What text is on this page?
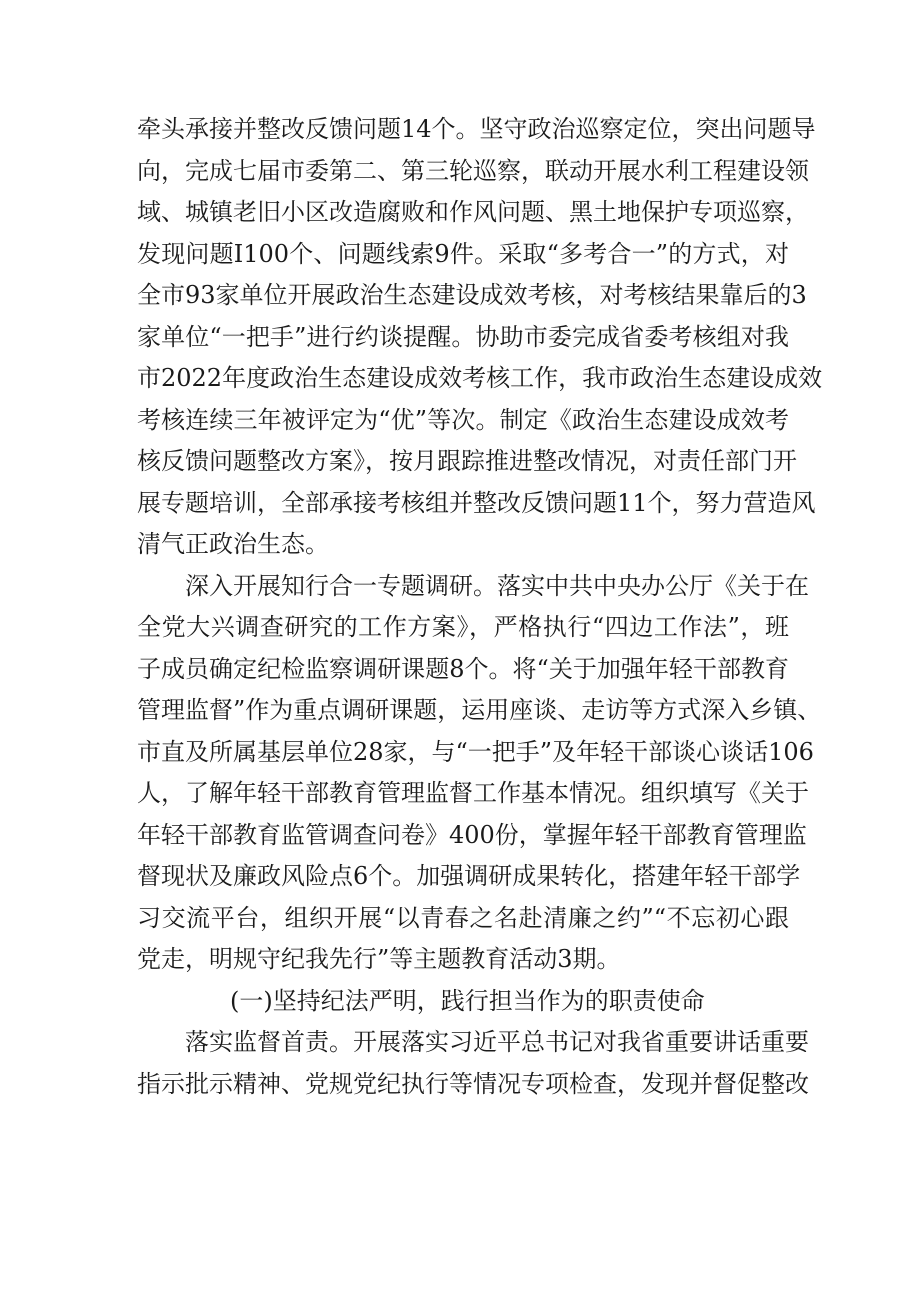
牵头承接并整改反馈问题14个。坚守政治巡察定位，突出问题导
向，完成七届市委第二、第三轮巡察，联动开展水利工程建设领
域、城镇老旧小区改造腐败和作风问题、黑土地保护专项巡察，
发现问题I100个、问题线索9件。采取“多考合一”的方式，对
全市93家单位开展政治生态建设成效考核，对考核结果靠后的3
家单位“一把手”进行约谈提醒。协助市委完成省委考核组对我
市2022年度政治生态建设成效考核工作，我市政治生态建设成效
考核连续三年被评定为“优”等次。制定《政治生态建设成效考
核反馈问题整改方案》，按月跟踪推进整改情况，对责任部门开
展专题培训，全部承接考核组并整改反馈问题11个，努力营造风
清气正政治生态。
深入开展知行合一专题调研。落实中共中央办公厅《关于在
全党大兴调查研究的工作方案》，严格执行“四边工作法”，班
子成员确定纪检监察调研课题8个。将“关于加强年轻干部教育
管理监督”作为重点调研课题，运用座谈、走访等方式深入乡镇、
市直及所属基层单位28家，与“一把手”及年轻干部谈心谈话106
人，了解年轻干部教育管理监督工作基本情况。组织填写《关于
年轻干部教育监管调查问卷》400份，掌握年轻干部教育管理监
督现状及廉政风险点6个。加强调研成果转化，搭建年轻干部学
习交流平台，组织开展“以青春之名赴清廉之约”“不忘初心跟
党走，明规守纪我先行”等主题教育活动3期。
(一)坚持纪法严明，践行担当作为的职责使命
落实监督首责。开展落实习近平总书记对我省重要讲话重要
指示批示精神、党规党纪执行等情况专项检查，发现并督促整改
